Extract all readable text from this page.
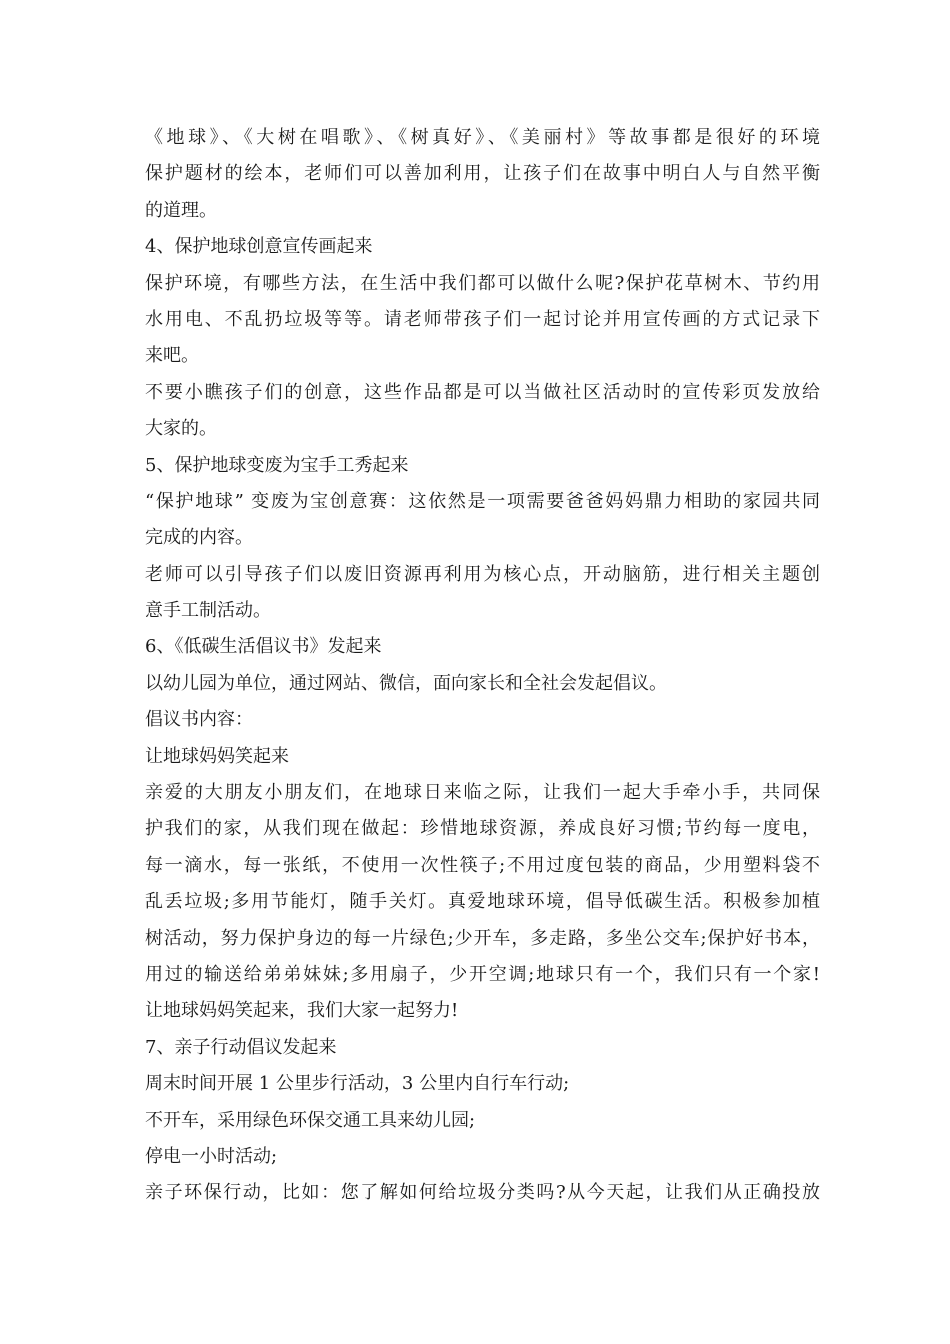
《地球》、《大树在唱歌》、《树真好》、《美丽村》等故事都是很好的环境
保护题材的绘本，老师们可以善加利用，让孩子们在故事中明白人与自然平衡
的道理。
4、保护地球创意宣传画起来
保护环境，有哪些方法，在生活中我们都可以做什么呢?保护花草树木、节约用
水用电、不乱扔垃圾等等。请老师带孩子们一起讨论并用宣传画的方式记录下
来吧。
不要小瞧孩子们的创意，这些作品都是可以当做社区活动时的宣传彩页发放给
大家的。
5、保护地球变废为宝手工秀起来
“保护地球” 变废为宝创意赛：这依然是一项需要爸爸妈妈鼎力相助的家园共同
完成的内容。
老师可以引导孩子们以废旧资源再利用为核心点，开动脑筋，进行相关主题创
意手工制活动。
6、《低碳生活倡议书》发起来
以幼儿园为单位，通过网站、微信，面向家长和全社会发起倡议。
倡议书内容：
让地球妈妈笑起来
亲爱的大朋友小朋友们，在地球日来临之际，让我们一起大手牵小手，共同保
护我们的家，从我们现在做起：珍惜地球资源，养成良好习惯;节约每一度电，
每一滴水，每一张纸，不使用一次性筷子;不用过度包装的商品，少用塑料袋不
乱丢垃圾;多用节能灯，随手关灯。真爱地球环境，倡导低碳生活。积极参加植
树活动，努力保护身边的每一片绿色;少开车，多走路，多坐公交车;保护好书本，
用过的输送给弟弟妹妹;多用扇子，少开空调;地球只有一个，我们只有一个家!
让地球妈妈笑起来，我们大家一起努力!
7、亲子行动倡议发起来
周末时间开展 1 公里步行活动，3 公里内自行车行动;
不开车，采用绿色环保交通工具来幼儿园;
停电一小时活动;
亲子环保行动，比如：您了解如何给垃圾分类吗?从今天起，让我们从正确投放
